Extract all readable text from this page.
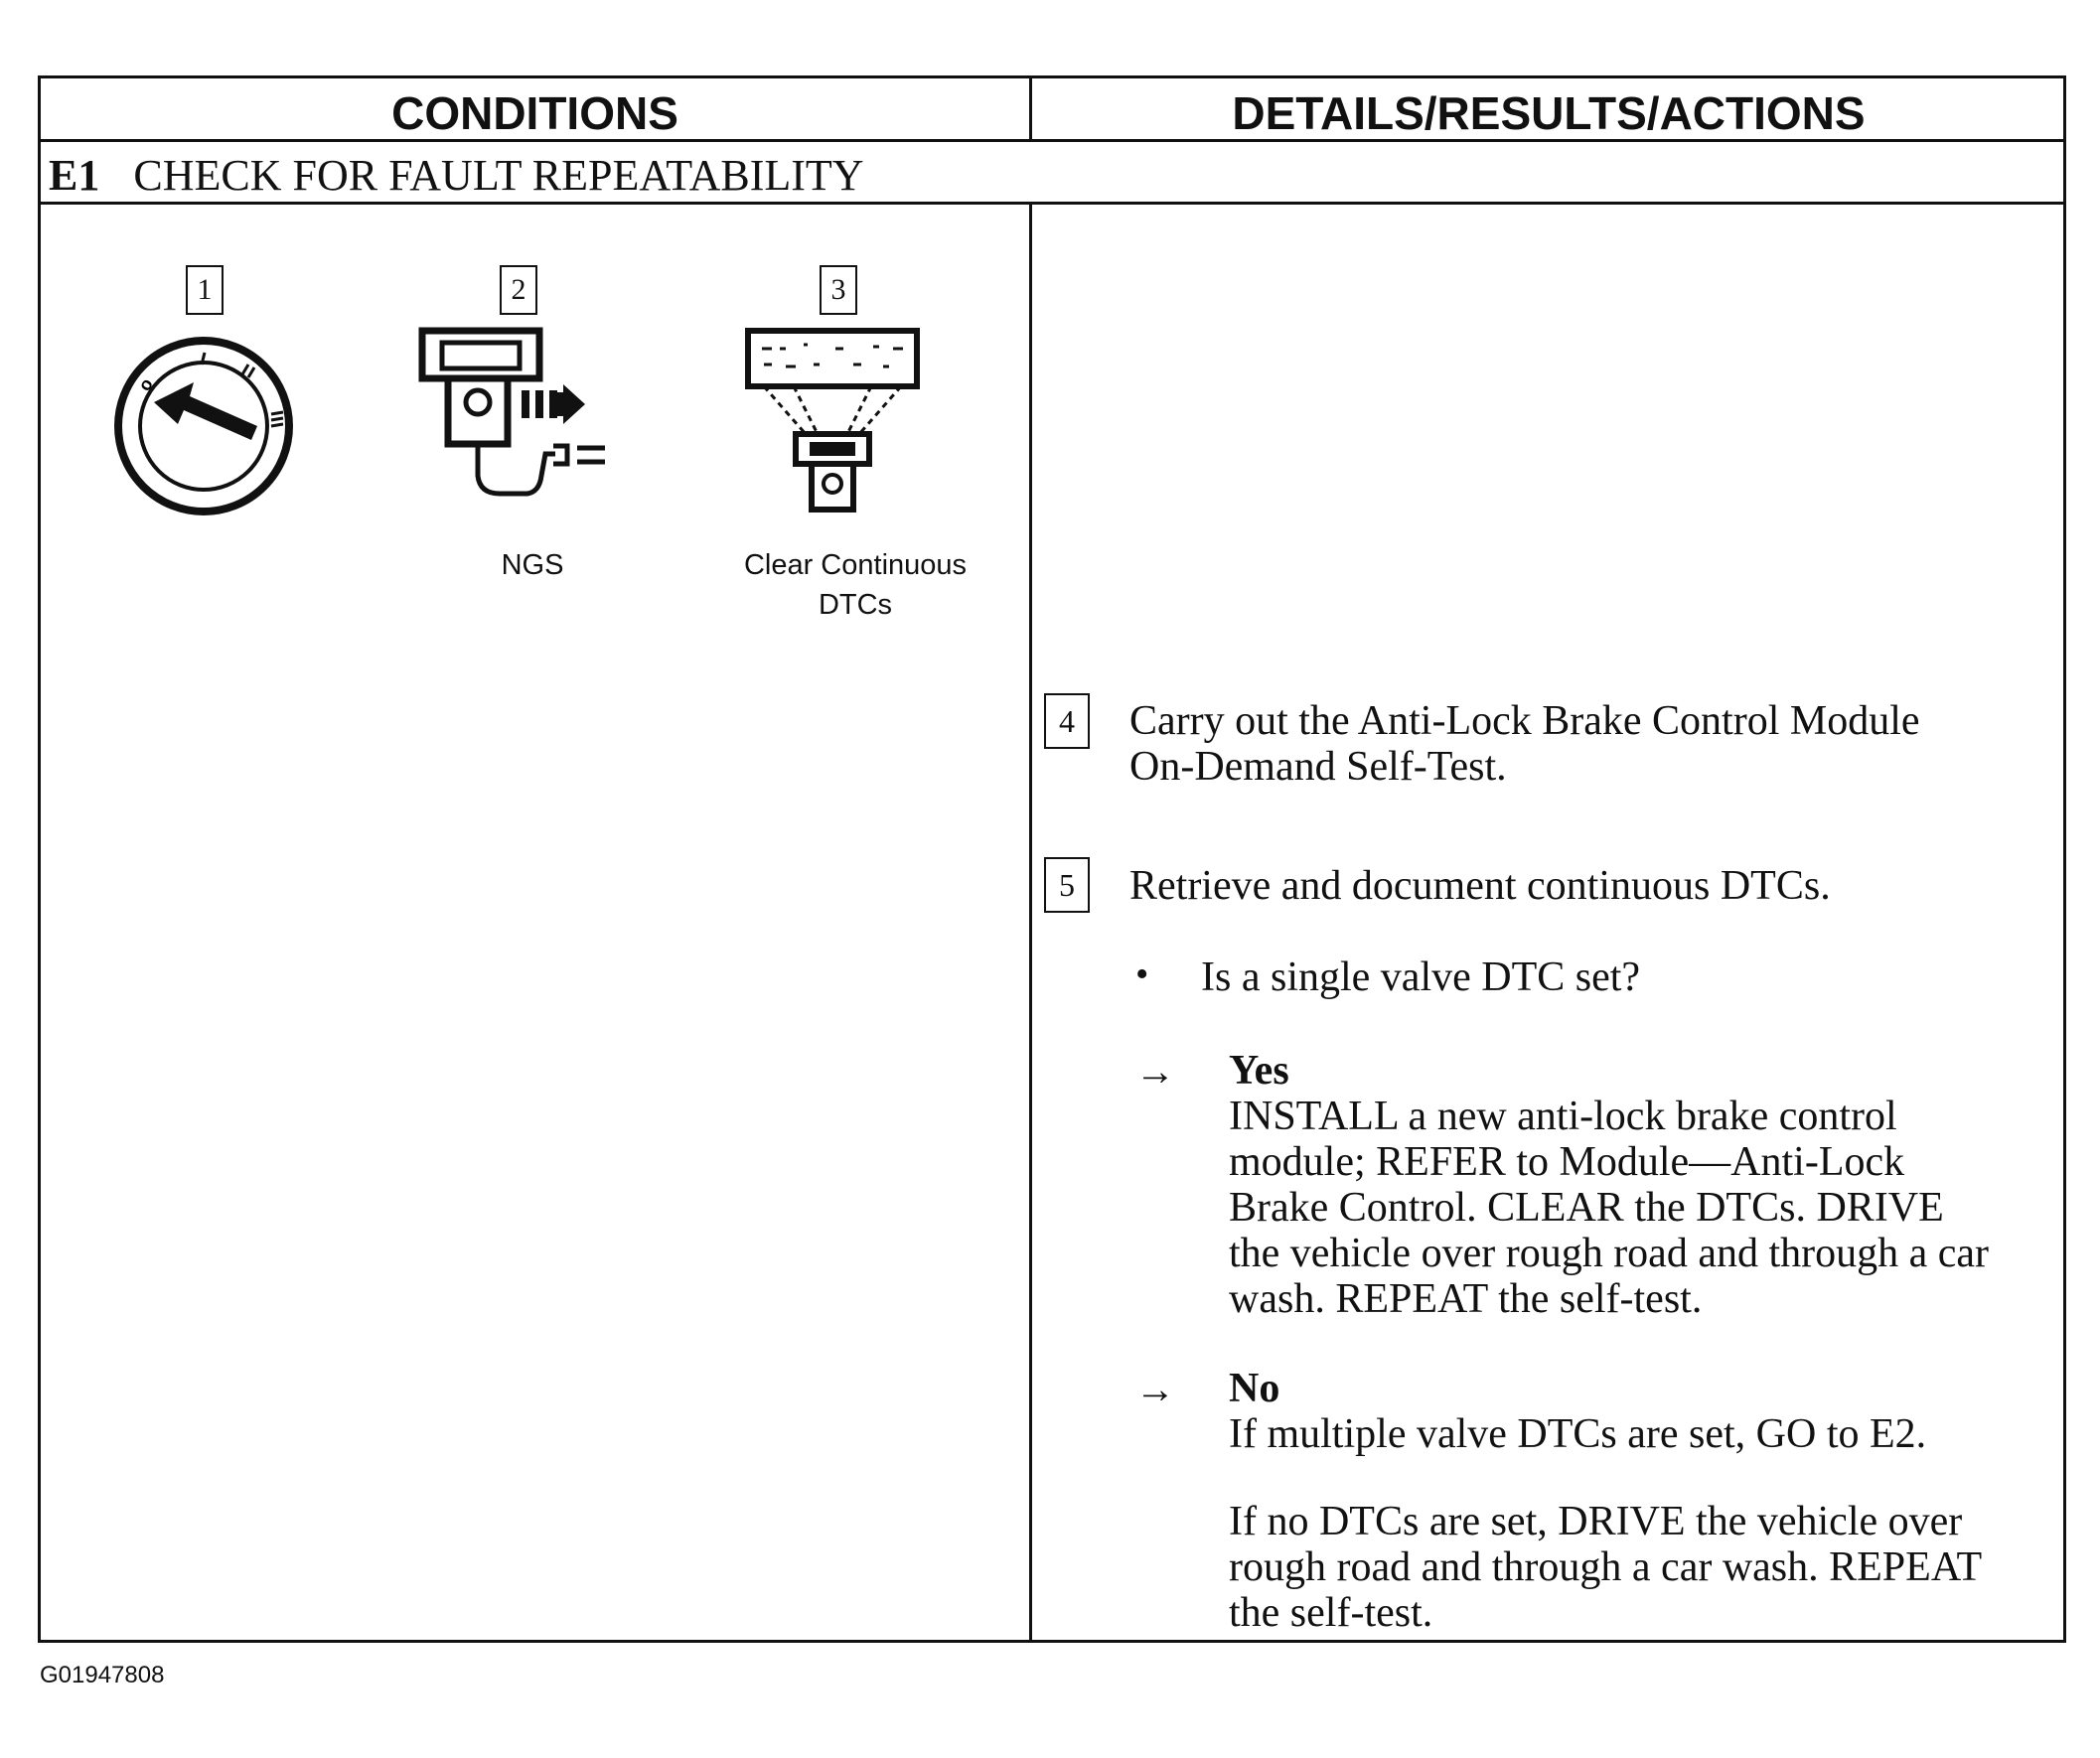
CONDITIONS	DETAILS/RESULTS/ACTIONS
E1 CHECK FOR FAULT REPEATABILITY
1
o
2
NGS
3
Clear Continuous
DTCs
4	Carry out the Anti-Lock Brake Control Module
On-Demand Self-Test.
5	Retrieve and document continuous DTCs.
• Is a single valve DTC set?
→ Yes
INSTALL a new anti-lock brake control
module; REFER to Module—Anti-Lock
Brake Control. CLEAR the DTCs. DRIVE
the vehicle over rough road and through a car
wash. REPEAT the self-test.
→ No
If multiple valve DTCs are set, GO to E2.
If no DTCs are set, DRIVE the vehicle over
rough road and through a car wash. REPEAT
the self-test.
G01947808
